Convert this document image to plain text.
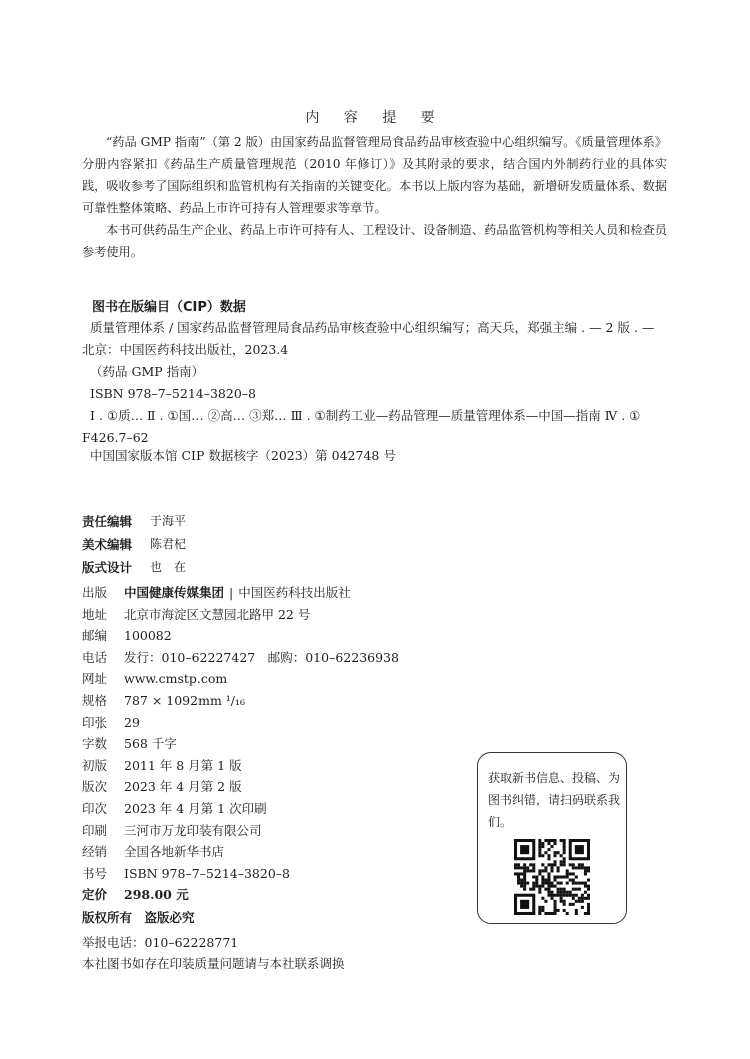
内 容 提 要

“药品 GMP 指南”（第 2 版）由国家药品监督管理局食品药品审核查验中心组织编写。《质量管理体系》分册内容紧扣《药品生产质量管理规范（2010 年修订）》及其附录的要求，结合国内外制药行业的具体实践，吸收参考了国际组织和监管机构有关指南的关键变化。本书以上版内容为基础，新增研发质量体系、数据可靠性整体策略、药品上市许可持有人管理要求等章节。

本书可供药品生产企业、药品上市许可持有人、工程设计、设备制造、药品监管机构等相关人员和检查员参考使用。

图书在版编目（CIP）数据

质量管理体系 / 国家药品监督管理局食品药品审核查验中心组织编写；高天兵，郑强主编 . — 2 版 . — 北京：中国医药科技出版社，2023.4

（药品 GMP 指南）

ISBN 978–7–5214–3820–8

Ⅰ . ①质… Ⅱ . ①国… ②高… ③郑… Ⅲ . ①制药工业—药品管理—质量管理体系—中国—指南 Ⅳ . ① F426.7–62

中国国家版本馆 CIP 数据核字（2023）第 042748 号
责任编辑	于海平
美术编辑	陈君杞
版式设计	也　在
出版	中国健康传媒集团 | 中国医药科技出版社
地址	北京市海淀区文慧园北路甲 22 号
邮编	100082
电话	发行：010–62227427　邮购：010–62236938
网址	www.cmstp.com
规格	787 × 1092mm ¹/₁₆
印张	29
字数	568 千字
初版	2011 年 8 月第 1 版
版次	2023 年 4 月第 2 版
印次	2023 年 4 月第 1 次印刷
印刷	三河市万龙印装有限公司
经销	全国各地新华书店
书号	ISBN 978–7–5214–3820–8
定价	298.00 元
版权所有　盗版必究
举报电话：010–62228771
本社图书如存在印装质量问题请与本社联系调换
获取新书信息、投稿、为图书纠错，请扫码联系我们。
